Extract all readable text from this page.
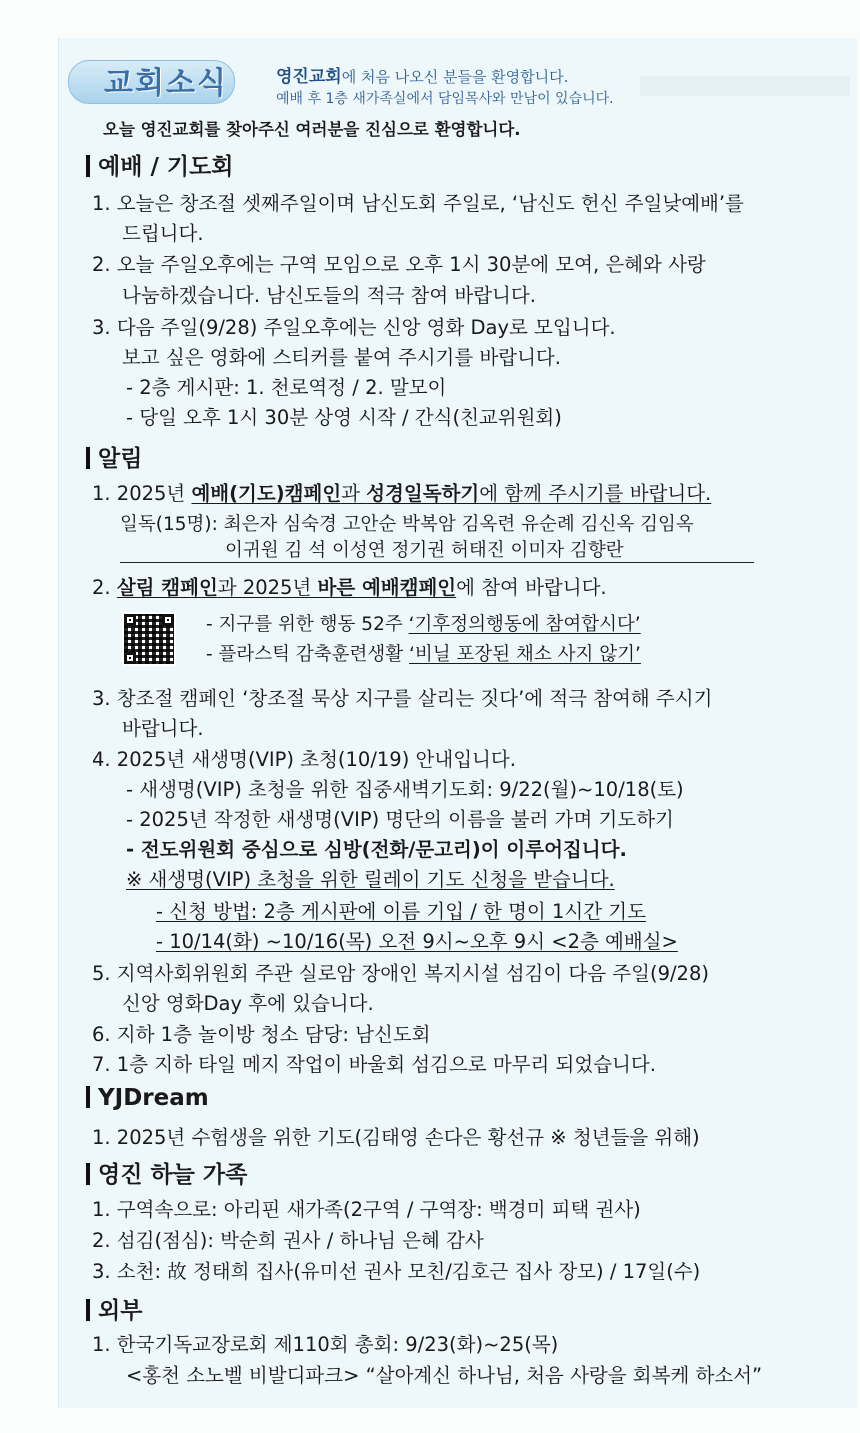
교회소식	영진교회에 처음 나오신 분들을 환영합니다.
예배 후 1층 새가족실에서 담임목사와 만남이 있습니다.
오늘 영진교회를 찾아주신 여러분을 진심으로 환영합니다.
예배 / 기도회
1. 오늘은 창조절 셋째주일이며 남신도회 주일로, ‘남신도 헌신 주일낮예배’를
드립니다.
2. 오늘 주일오후에는 구역 모임으로 오후 1시 30분에 모여, 은혜와 사랑
나눔하겠습니다. 남신도들의 적극 참여 바랍니다.
3. 다음 주일(9/28) 주일오후에는 신앙 영화 Day로 모입니다.
보고 싶은 영화에 스티커를 붙여 주시기를 바랍니다.
- 2층 게시판: 1. 천로역정 / 2. 말모이
- 당일 오후 1시 30분 상영 시작 / 간식(친교위원회)
알림
1. 2025년 예배(기도)캠페인과 성경일독하기에 함께 주시기를 바랍니다.
일독(15명): 최은자 심숙경 고안순 박복암 김옥련 유순례 김신옥 김임옥
이귀원 김 석 이성연 정기권 허태진 이미자 김향란
2. 살림 캠페인과 2025년 바른 예배캠페인에 참여 바랍니다.
- 지구를 위한 행동 52주 ‘기후정의행동에 참여합시다’
- 플라스틱 감축훈련생활 ‘비닐 포장된 채소 사지 않기’
3. 창조절 캠페인 ‘창조절 묵상 지구를 살리는 짓다’에 적극 참여해 주시기
바랍니다.
4. 2025년 새생명(VIP) 초청(10/19) 안내입니다.
- 새생명(VIP) 초청을 위한 집중새벽기도회: 9/22(월)~10/18(토)
- 2025년 작정한 새생명(VIP) 명단의 이름을 불러 가며 기도하기
- 전도위원회 중심으로 심방(전화/문고리)이 이루어집니다.
※ 새생명(VIP) 초청을 위한 릴레이 기도 신청을 받습니다.
- 신청 방법: 2층 게시판에 이름 기입 / 한 명이 1시간 기도
- 10/14(화) ~10/16(목) 오전 9시~오후 9시 <2층 예배실>
5. 지역사회위원회 주관 실로암 장애인 복지시설 섬김이 다음 주일(9/28)
신앙 영화Day 후에 있습니다.
6. 지하 1층 놀이방 청소 담당: 남신도회
7. 1층 지하 타일 메지 작업이 바울회 섬김으로 마무리 되었습니다.
YJDream
1. 2025년 수험생을 위한 기도(김태영 손다은 황선규 ※ 청년들을 위해)
영진 하늘 가족
1. 구역속으로: 아리핀 새가족(2구역 / 구역장: 백경미 피택 권사)
2. 섬김(점심): 박순희 권사 / 하나님 은혜 감사
3. 소천: 故 정태희 집사(유미선 권사 모친/김호근 집사 장모) / 17일(수)
외부
1. 한국기독교장로회 제110회 총회: 9/23(화)~25(목)
<홍천 소노벨 비발디파크> “살아계신 하나님, 처음 사랑을 회복케 하소서”
